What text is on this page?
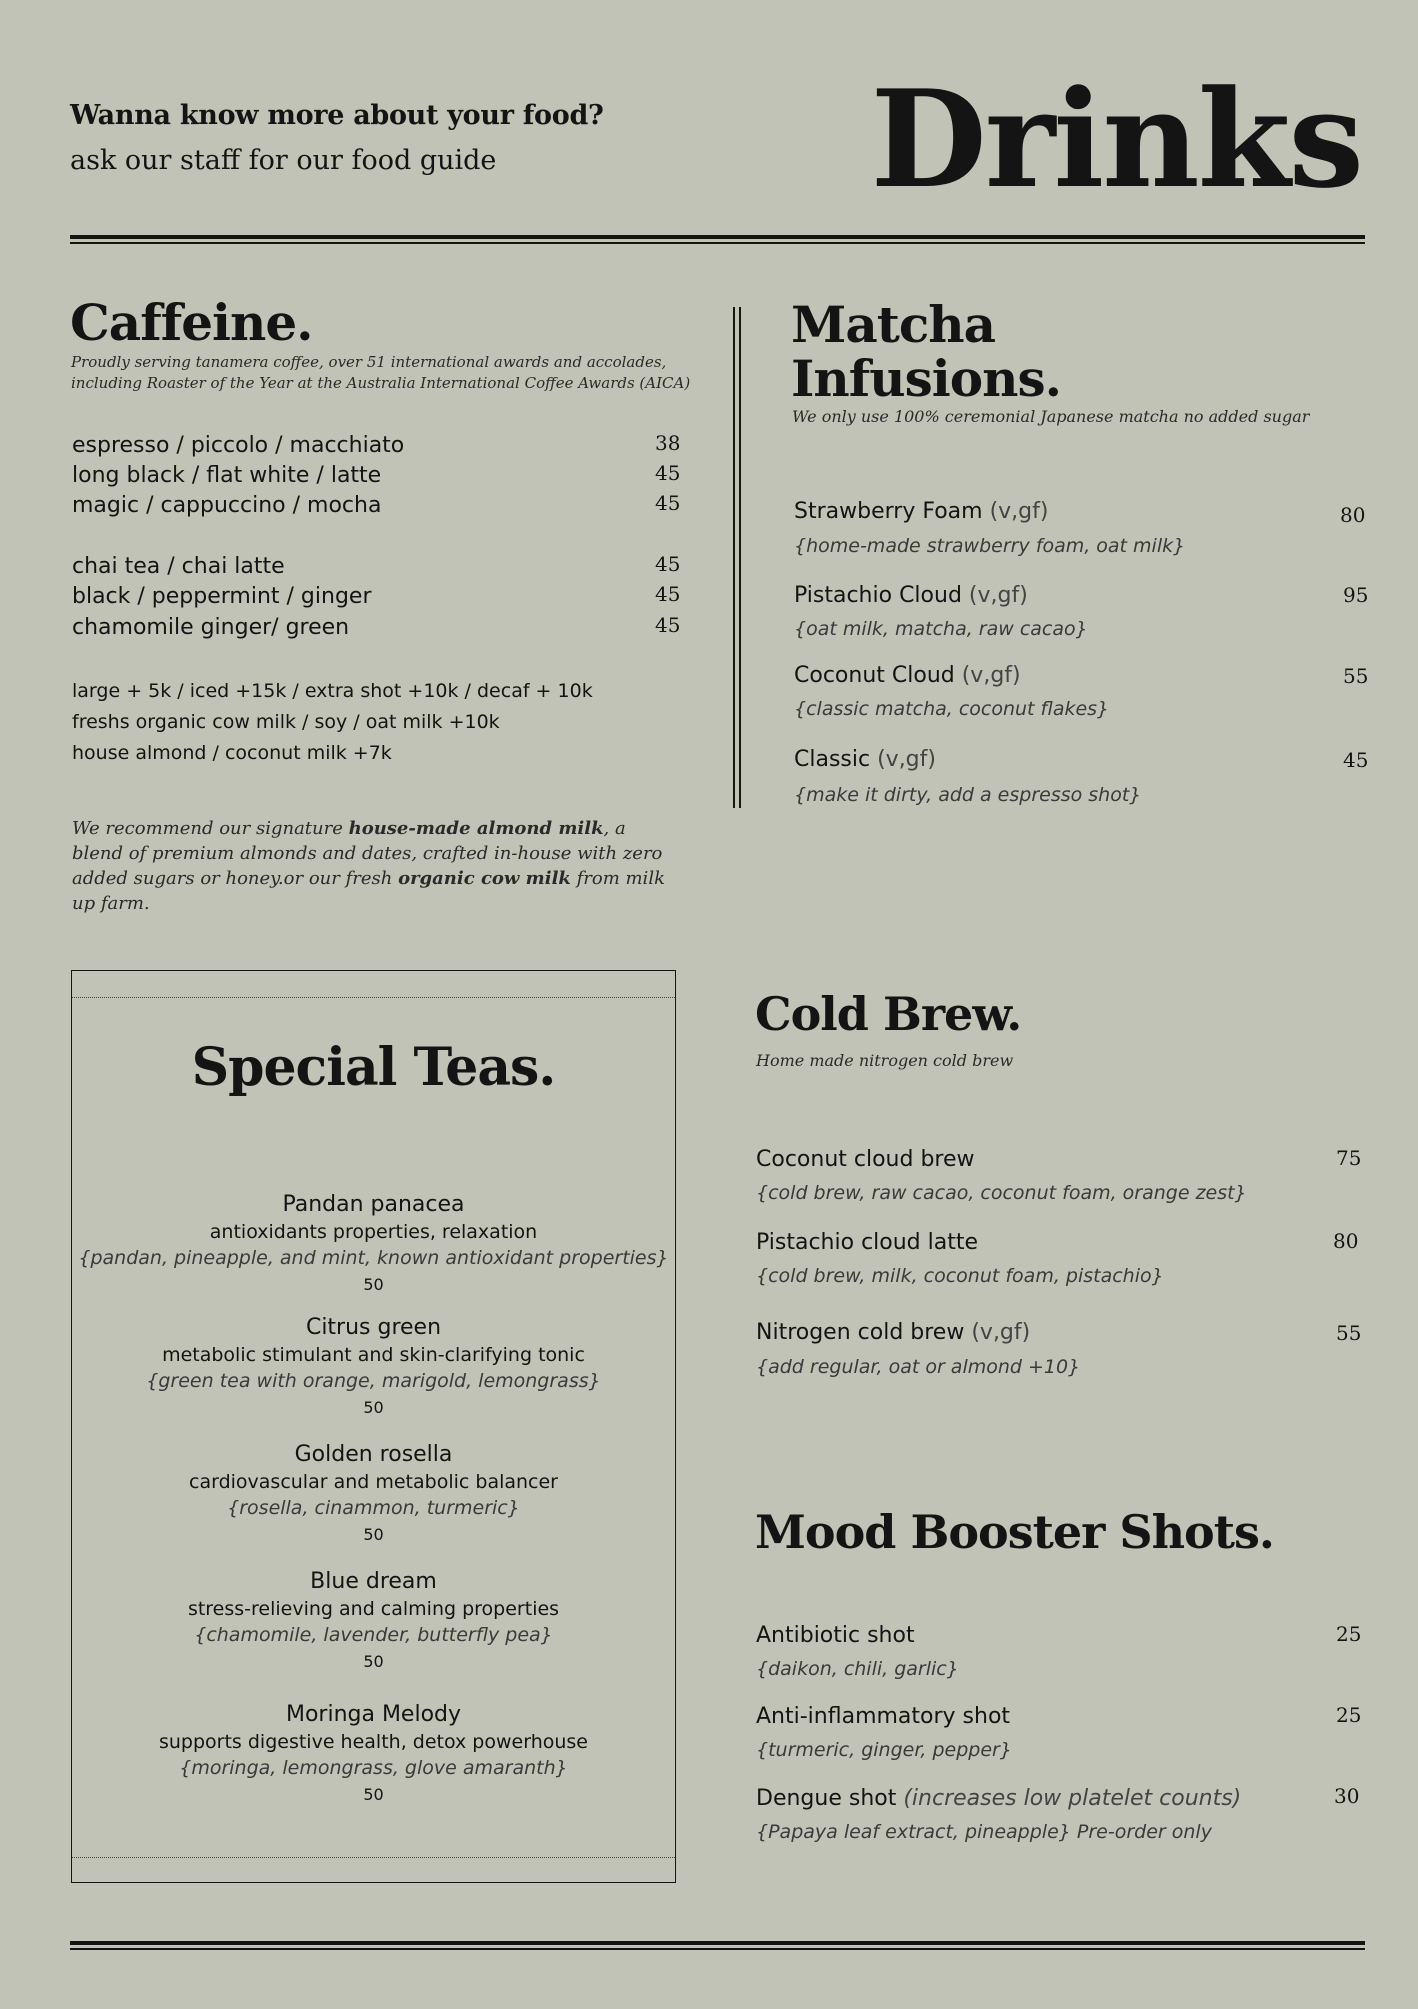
Wanna know more about your food?
ask our staff for our food guide	Drinks
Caffeine.
Proudly serving tanamera coffee, over 51 international awards and accolades,
including Roaster of the Year at the Australia International Coffee Awards (AICA)
espresso / piccolo / macchiato	38
long black / flat white / latte	45
magic / cappuccino / mocha	45
chai tea / chai latte	45
black / peppermint / ginger	45
chamomile ginger/ green	45
large + 5k / iced +15k / extra shot +10k / decaf + 10k
freshs organic cow milk / soy / oat milk +10k
house almond / coconut milk +7k
We recommend our signature house-made almond milk, a blend of premium almonds and dates, crafted in-house with zero added sugars or honey.or our fresh organic cow milk from milk up farm.
Matcha
Infusions.
We only use 100% ceremonial Japanese matcha no added sugar
Strawberry Foam (v,gf)
{home-made strawberry foam, oat milk}
80
Pistachio Cloud (v,gf)
{oat milk, matcha, raw cacao}
95
Coconut Cloud (v,gf)
{classic matcha, coconut flakes}
55
Classic (v,gf)
{make it dirty, add a espresso shot}
45
Special Teas.
Pandan panacea
antioxidants properties, relaxation
{pandan, pineapple, and mint, known antioxidant properties}
50
Citrus green
metabolic stimulant and skin-clarifying tonic
{green tea with orange, marigold, lemongrass}
50
Golden rosella
cardiovascular and metabolic balancer
{rosella, cinammon, turmeric}
50
Blue dream
stress-relieving and calming properties
{chamomile, lavender, butterfly pea}
50
Moringa Melody
supports digestive health, detox powerhouse
{moringa, lemongrass, glove amaranth}
50
Cold Brew.
Home made nitrogen cold brew
Coconut cloud brew
{cold brew, raw cacao, coconut foam, orange zest}
75
Pistachio cloud latte
{cold brew, milk, coconut foam, pistachio}
80
Nitrogen cold brew (v,gf)
{add regular, oat or almond +10}
55
Mood Booster Shots.
Antibiotic shot
{daikon, chili, garlic}
25
Anti-inflammatory shot
{turmeric, ginger, pepper}
25
Dengue shot (increases low platelet counts)
{Papaya leaf extract, pineapple} Pre-order only
30
